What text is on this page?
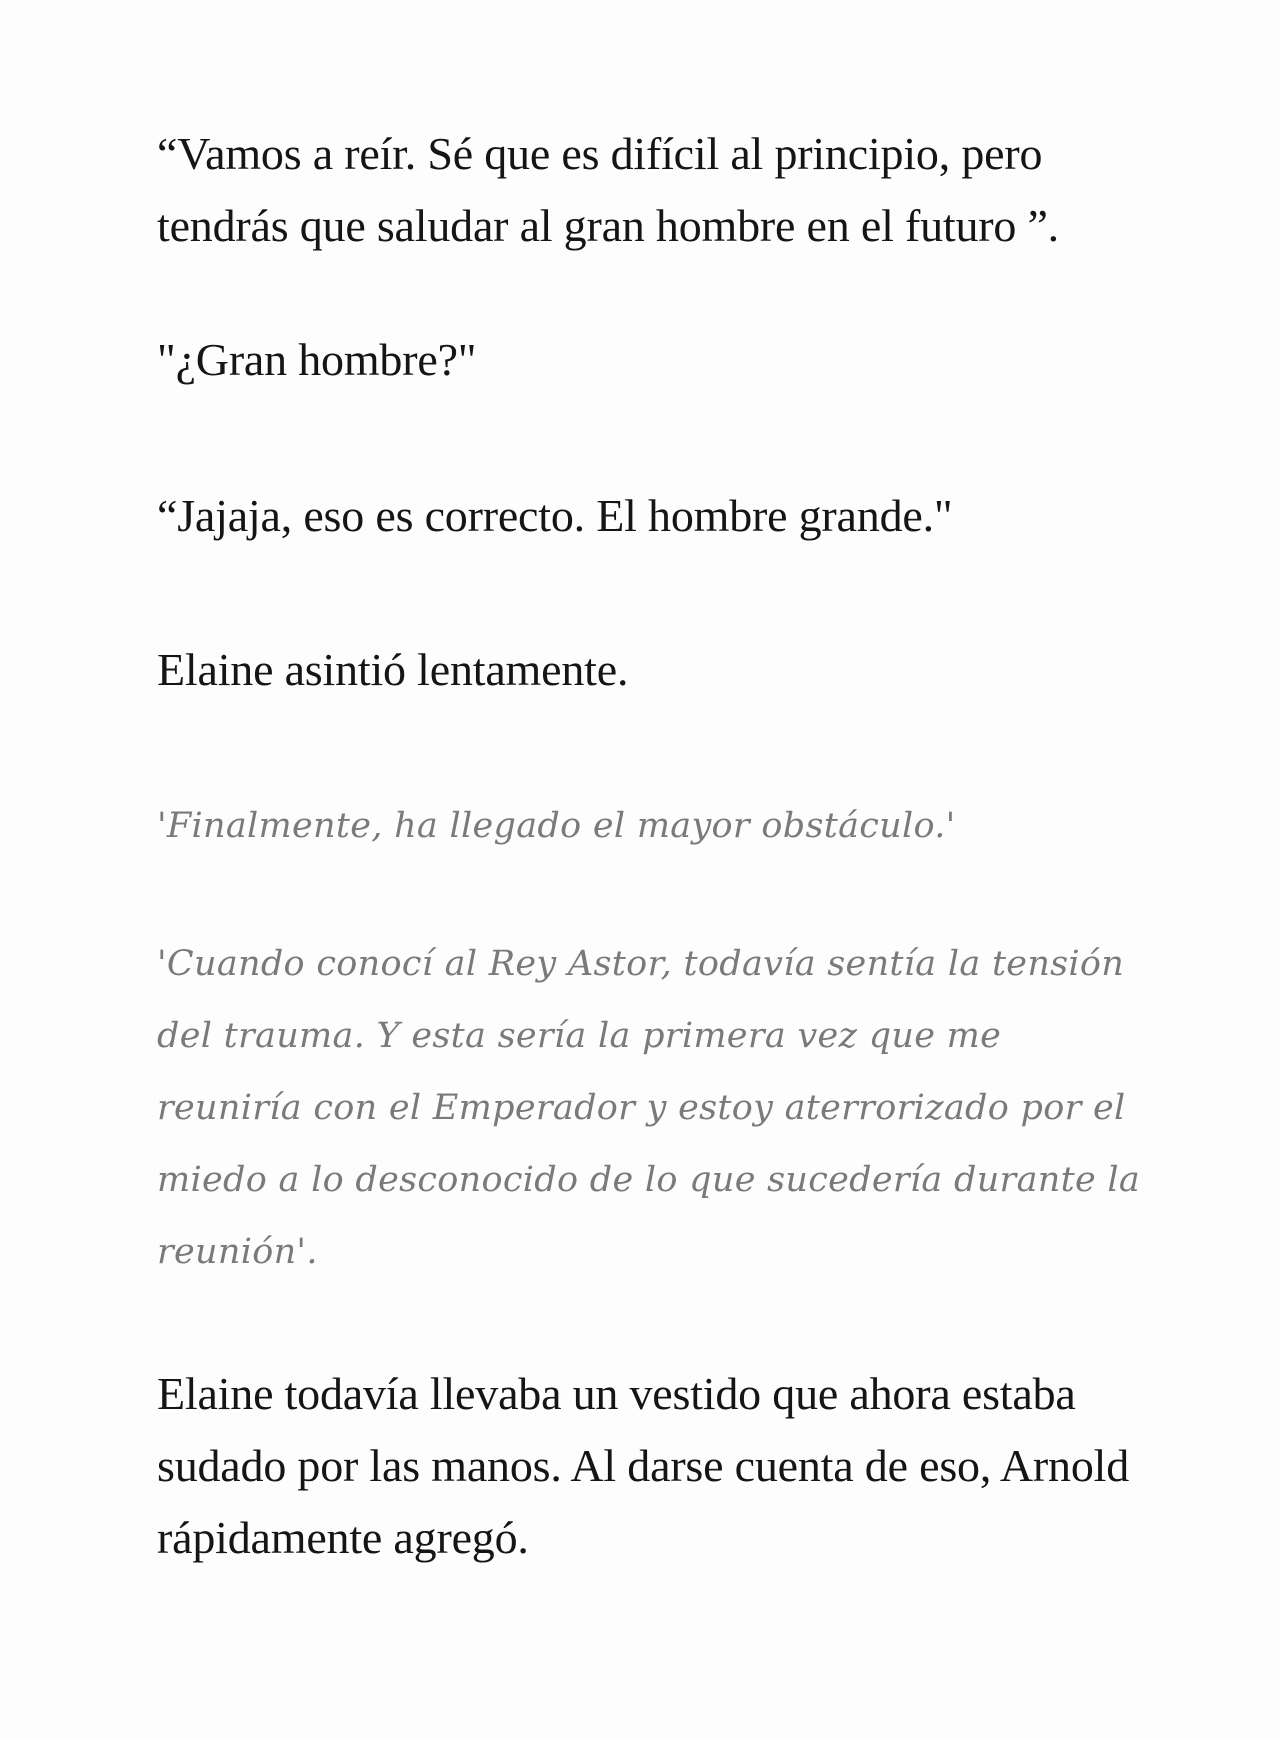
“Vamos a reír. Sé que es difícil al principio, pero tendrás que saludar al gran hombre en el futuro ”.

"¿Gran hombre?"

“Jajaja, eso es correcto. El hombre grande."

Elaine asintió lentamente.

'Finalmente, ha llegado el mayor obstáculo.'

'Cuando conocí al Rey Astor, todavía sentía la tensión del trauma. Y esta sería la primera vez que me reuniría con el Emperador y estoy aterrorizado por el miedo a lo desconocido de lo que sucedería durante la reunión'.

Elaine todavía llevaba un vestido que ahora estaba sudado por las manos. Al darse cuenta de eso, Arnold rápidamente agregó.
